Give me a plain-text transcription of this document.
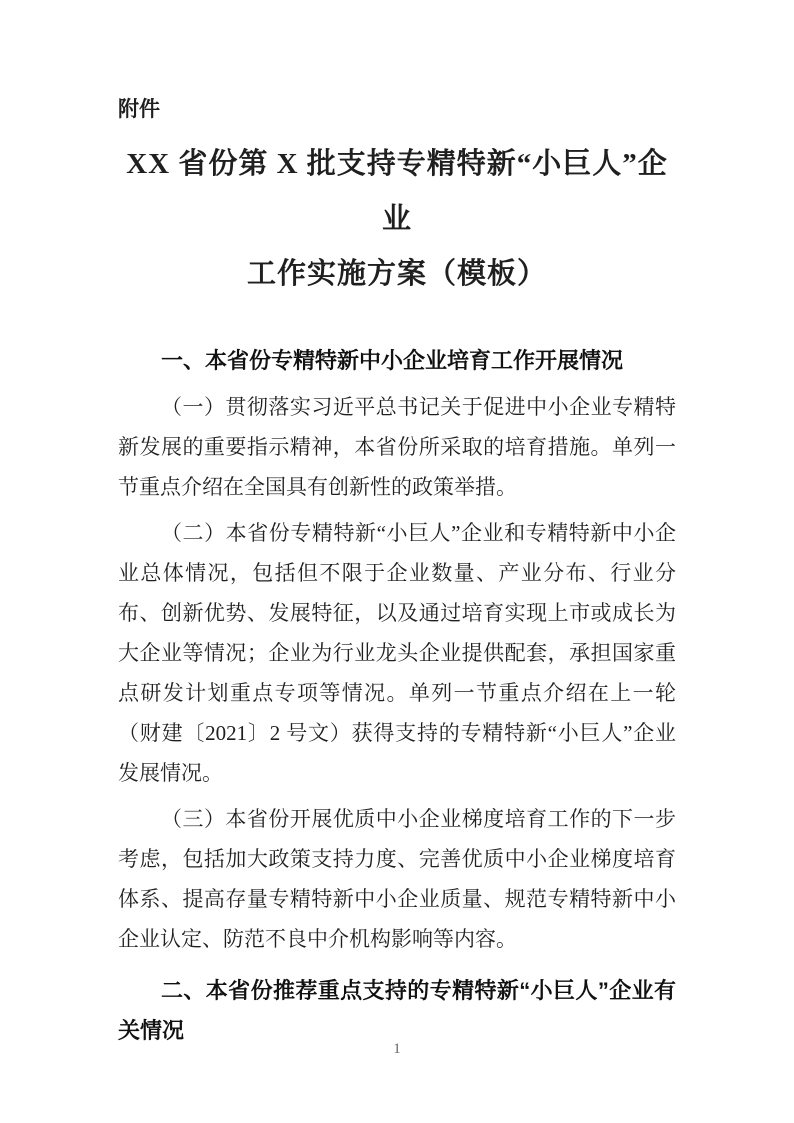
附件
XX 省份第 X 批支持专精特新“小巨人”企业
工作实施方案（模板）
一、本省份专精特新中小企业培育工作开展情况

（一）贯彻落实习近平总书记关于促进中小企业专精特新发展的重要指示精神，本省份所采取的培育措施。单列一节重点介绍在全国具有创新性的政策举措。

（二）本省份专精特新“小巨人”企业和专精特新中小企业总体情况，包括但不限于企业数量、产业分布、行业分布、创新优势、发展特征，以及通过培育实现上市或成长为大企业等情况；企业为行业龙头企业提供配套，承担国家重点研发计划重点专项等情况。单列一节重点介绍在上一轮（财建〔2021〕2 号文）获得支持的专精特新“小巨人”企业发展情况。

（三）本省份开展优质中小企业梯度培育工作的下一步考虑，包括加大政策支持力度、完善优质中小企业梯度培育体系、提高存量专精特新中小企业质量、规范专精特新中小企业认定、防范不良中介机构影响等内容。

二、本省份推荐重点支持的专精特新“小巨人”企业有关情况
1
